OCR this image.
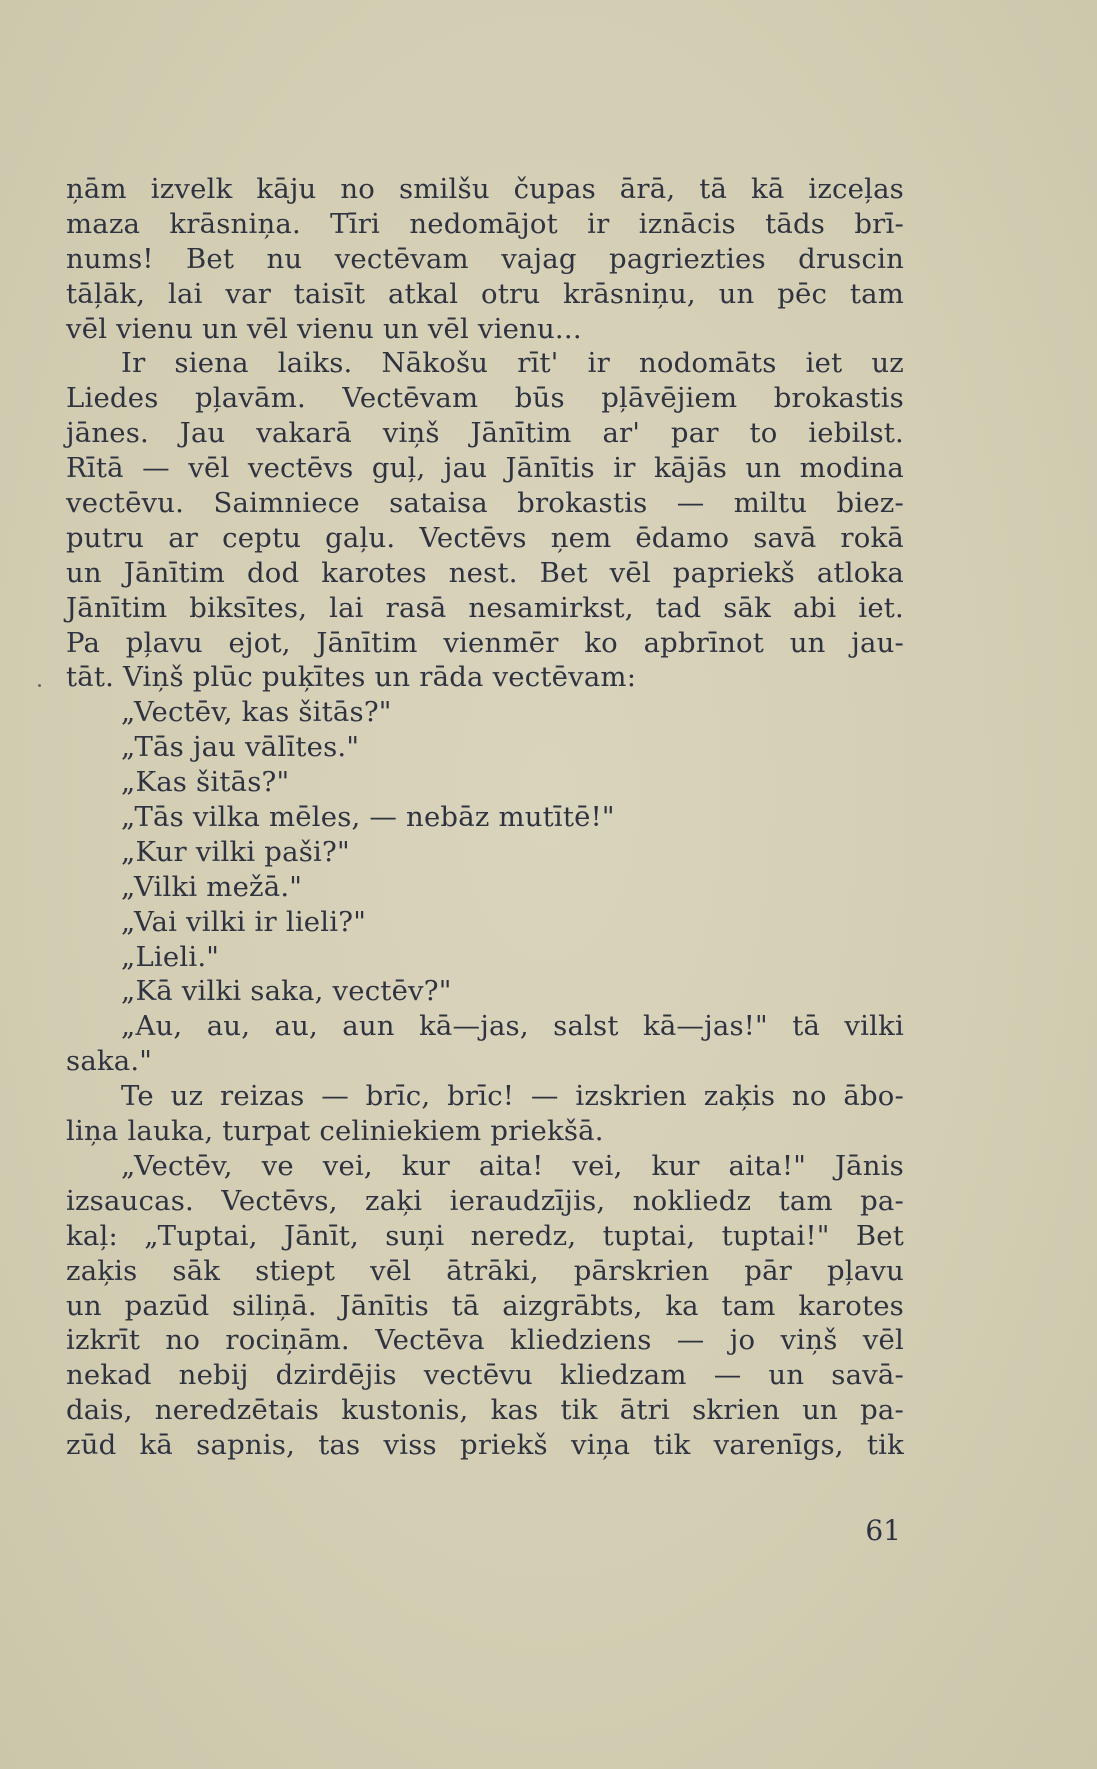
ņām izvelk kāju no smilšu čupas ārā, tā kā izceļas
maza krāsniņa. Tīri nedomājot ir iznācis tāds brī-
nums! Bet nu vectēvam vajag pagriezties druscin
tāļāk, lai var taisīt atkal otru krāsniņu, un pēc tam
vēl vienu un vēl vienu un vēl vienu...
Ir siena laiks. Nākošu rīt' ir nodomāts iet uz
Liedes pļavām. Vectēvam būs pļāvējiem brokastis
jānes. Jau vakarā viņš Jānītim ar' par to iebilst.
Rītā — vēl vectēvs guļ, jau Jānītis ir kājās un modina
vectēvu. Saimniece sataisa brokastis — miltu biez-
putru ar ceptu gaļu. Vectēvs ņem ēdamo savā rokā
un Jānītim dod karotes nest. Bet vēl papriekš atloka
Jānītim biksītes, lai rasā nesamirkst, tad sāk abi iet.
Pa pļavu ejot, Jānītim vienmēr ko apbrīnot un jau-
tāt. Viņš plūc puķītes un rāda vectēvam:
„Vectēv, kas šitās?"
„Tās jau vālītes."
„Kas šitās?"
„Tās vilka mēles, — nebāz mutītē!"
„Kur vilki paši?"
„Vilki mežā."
„Vai vilki ir lieli?"
„Lieli."
„Kā vilki saka, vectēv?"
„Au, au, au, aun kā—jas, salst kā—jas!" tā vilki
saka."
Te uz reizas — brīc, brīc! — izskrien zaķis no ābo-
liņa lauka, turpat celiniekiem priekšā.
„Vectēv, ve vei, kur aita! vei, kur aita!" Jānis
izsaucas. Vectēvs, zaķi ieraudzījis, nokliedz tam pa-
kaļ: „Tuptai, Jānīt, suņi neredz, tuptai, tuptai!" Bet
zaķis sāk stiept vēl ātrāki, pārskrien pār pļavu
un pazūd siliņā. Jānītis tā aizgrābts, ka tam karotes
izkrīt no rociņām. Vectēva kliedziens — jo viņš vēl
nekad nebij dzirdējis vectēvu kliedzam — un savā-
dais, neredzētais kustonis, kas tik ātri skrien un pa-
zūd kā sapnis, tas viss priekš viņa tik varenīgs, tik
61
